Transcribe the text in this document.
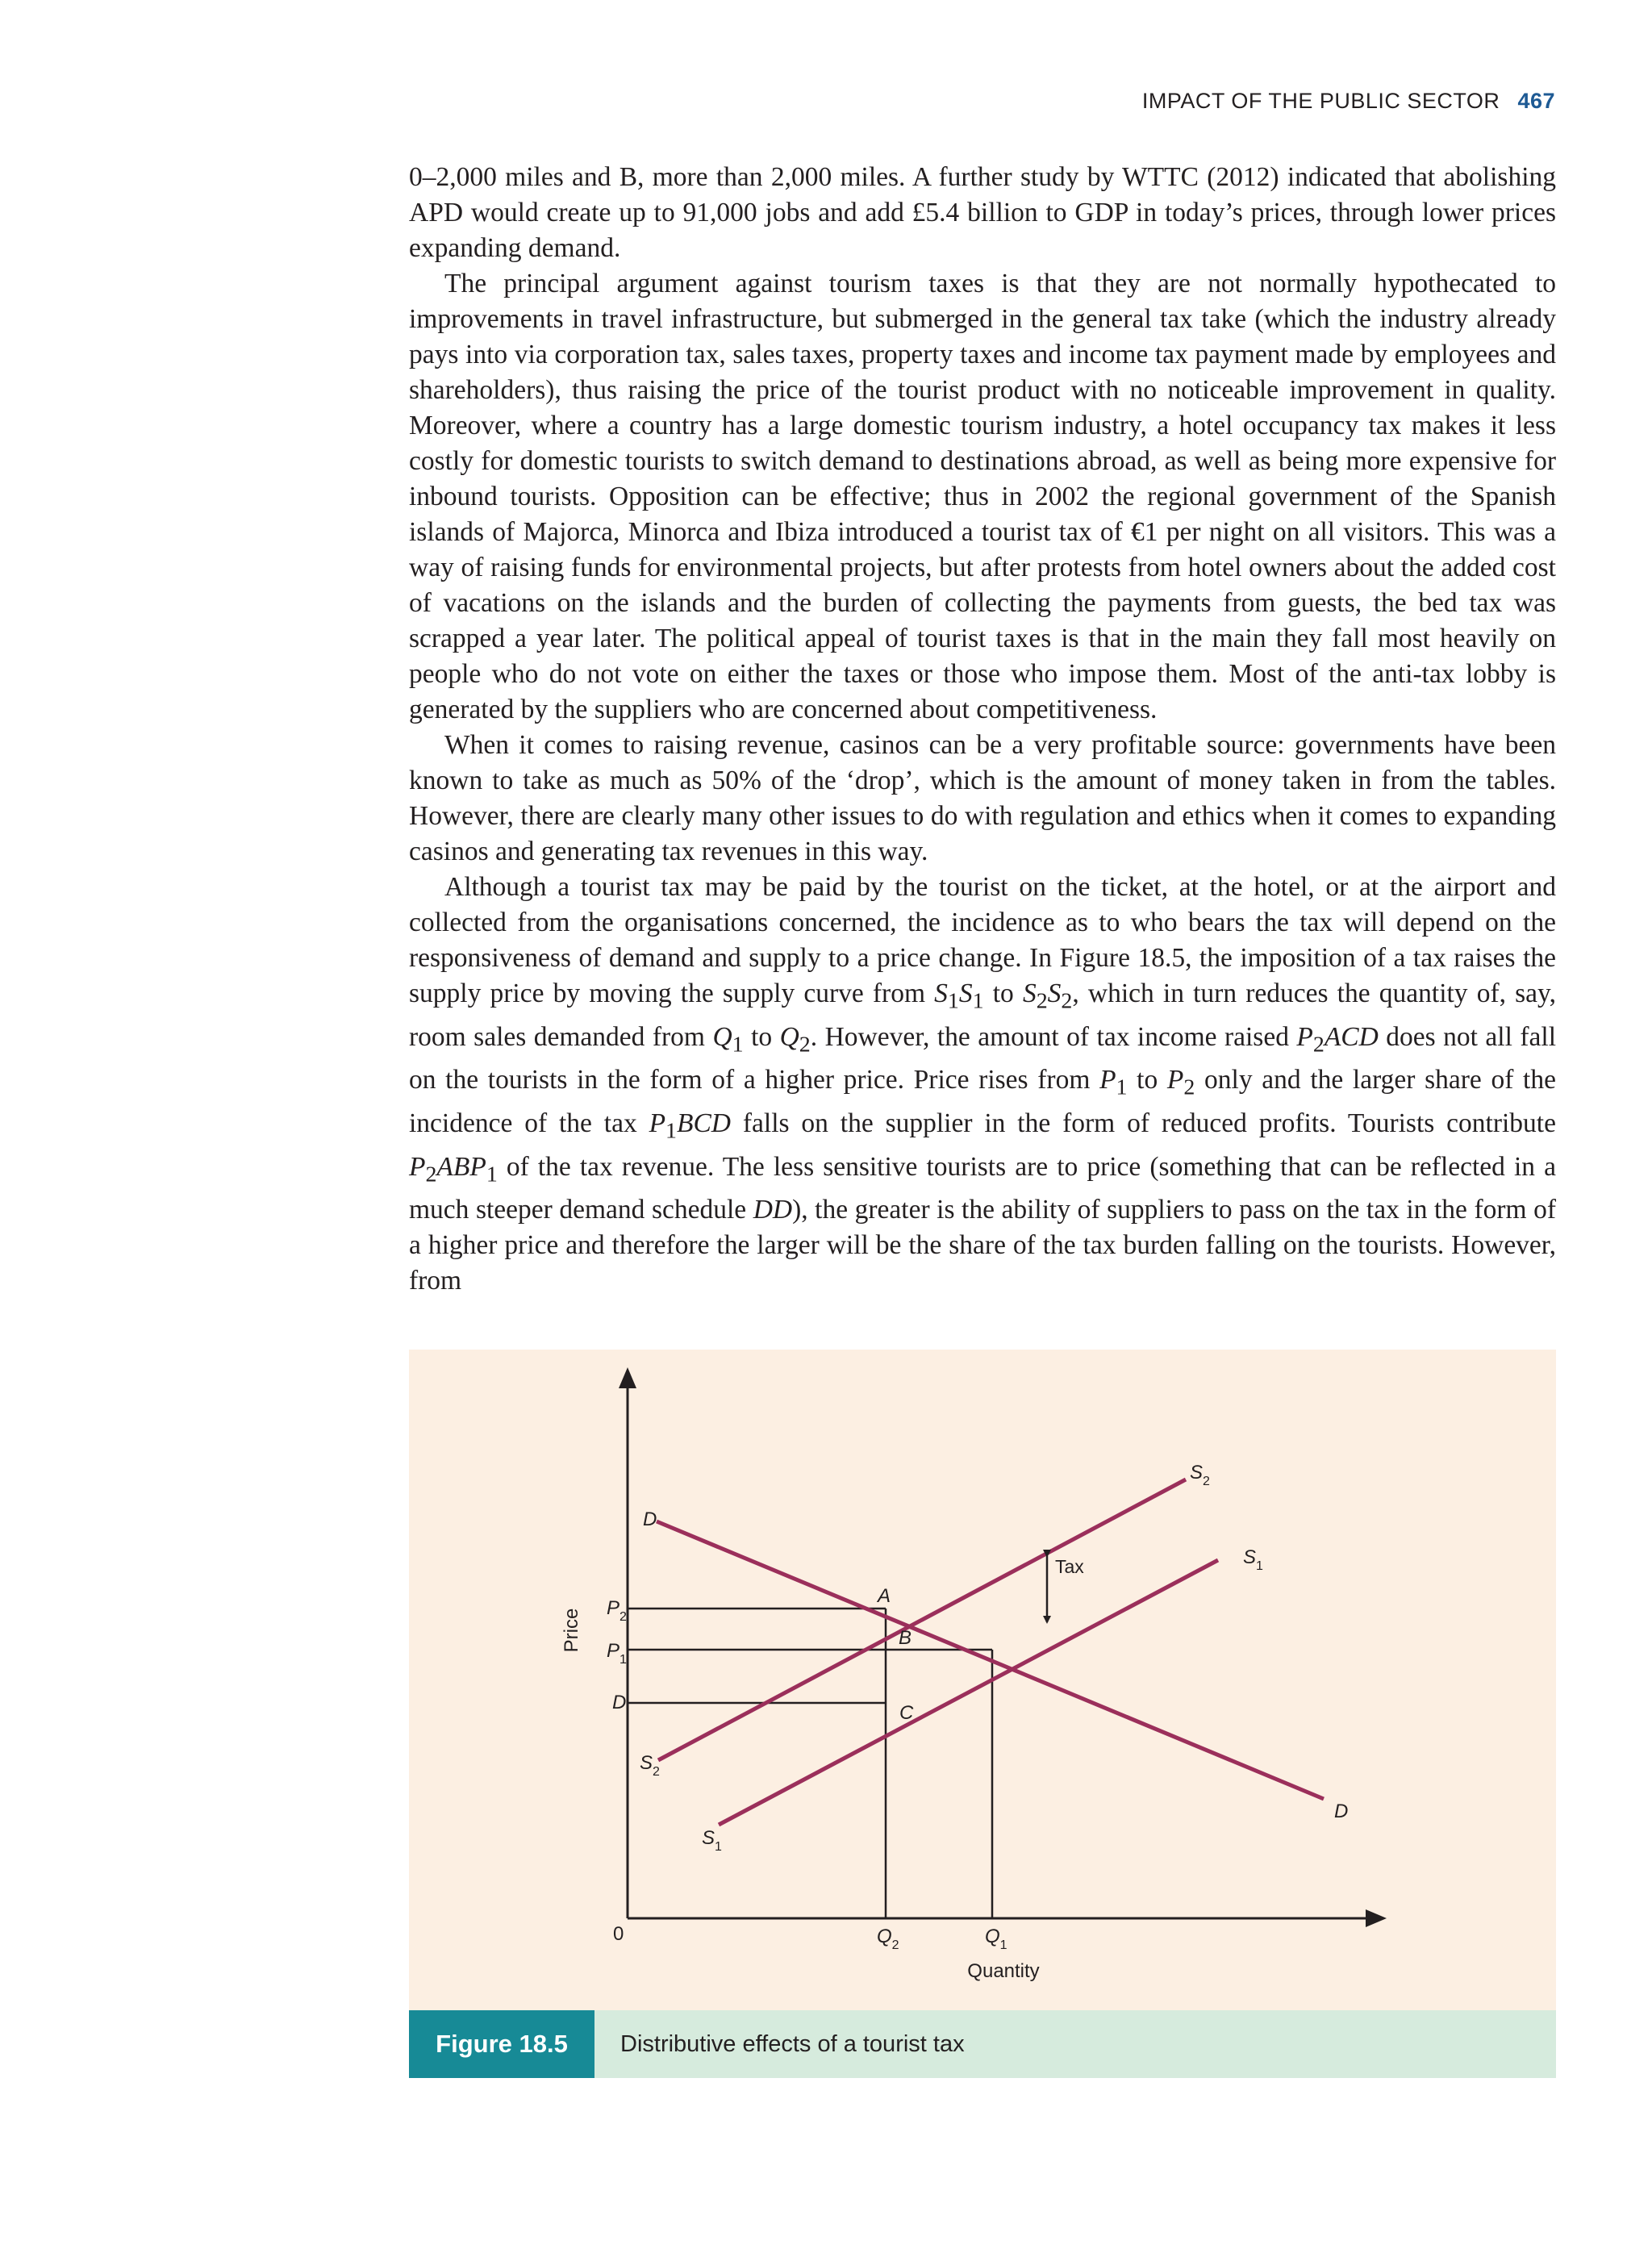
IMPACT OF THE PUBLIC SECTOR 467

0–2,000 miles and B, more than 2,000 miles. A further study by WTTC (2012) indicated that abolishing APD would create up to 91,000 jobs and add £5.4 billion to GDP in today’s prices, through lower prices expanding demand.

The principal argument against tourism taxes is that they are not normally hypothecated to improvements in travel infrastructure, but submerged in the general tax take (which the industry already pays into via corporation tax, sales taxes, property taxes and income tax payment made by employees and shareholders), thus raising the price of the tourist product with no noticeable improvement in quality. Moreover, where a country has a large domestic tourism industry, a hotel occupancy tax makes it less costly for domestic tourists to switch demand to destinations abroad, as well as being more expensive for inbound tourists. Opposition can be effective; thus in 2002 the regional government of the Spanish islands of Majorca, Minorca and Ibiza introduced a tourist tax of €1 per night on all visitors. This was a way of raising funds for environmental projects, but after protests from hotel owners about the added cost of vacations on the islands and the burden of collecting the payments from guests, the bed tax was scrapped a year later. The political appeal of tourist taxes is that in the main they fall most heavily on people who do not vote on either the taxes or those who impose them. Most of the anti-tax lobby is generated by the suppliers who are concerned about competitiveness.

When it comes to raising revenue, casinos can be a very profitable source: governments have been known to take as much as 50% of the ‘drop’, which is the amount of money taken in from the tables. However, there are clearly many other issues to do with regulation and ethics when it comes to expanding casinos and generating tax revenues in this way.

Although a tourist tax may be paid by the tourist on the ticket, at the hotel, or at the airport and collected from the organisations concerned, the incidence as to who bears the tax will depend on the responsiveness of demand and supply to a price change. In Figure 18.5, the imposition of a tax raises the supply price by moving the supply curve from $S_1S_1$ to $S_2S_2$, which in turn reduces the quantity of, say, room sales demanded from $Q_1$ to $Q_2$. However, the amount of tax income raised $P_2ACD$ does not all fall on the tourists in the form of a higher price. Price rises from $P_1$ to $P_2$ only and the larger share of the incidence of the tax $P_1BCD$ falls on the supplier in the form of reduced profits. Tourists contribute $P_2ABP_1$ of the tax revenue. The less sensitive tourists are to price (something that can be reflected in a much steeper demand schedule DD), the greater is the ability of suppliers to pass on the tax in the form of a higher price and therefore the larger will be the share of the tax burden falling on the tourists. However, from

Tax
A
B
C
D
D
$S_2$
$S_2$
$S_1$
$S_1$
$P_2$
$P_1$
D
0	$Q_2$	$Q_1$
Quantity
Price
Figure 18.5	Distributive effects of a tourist tax
